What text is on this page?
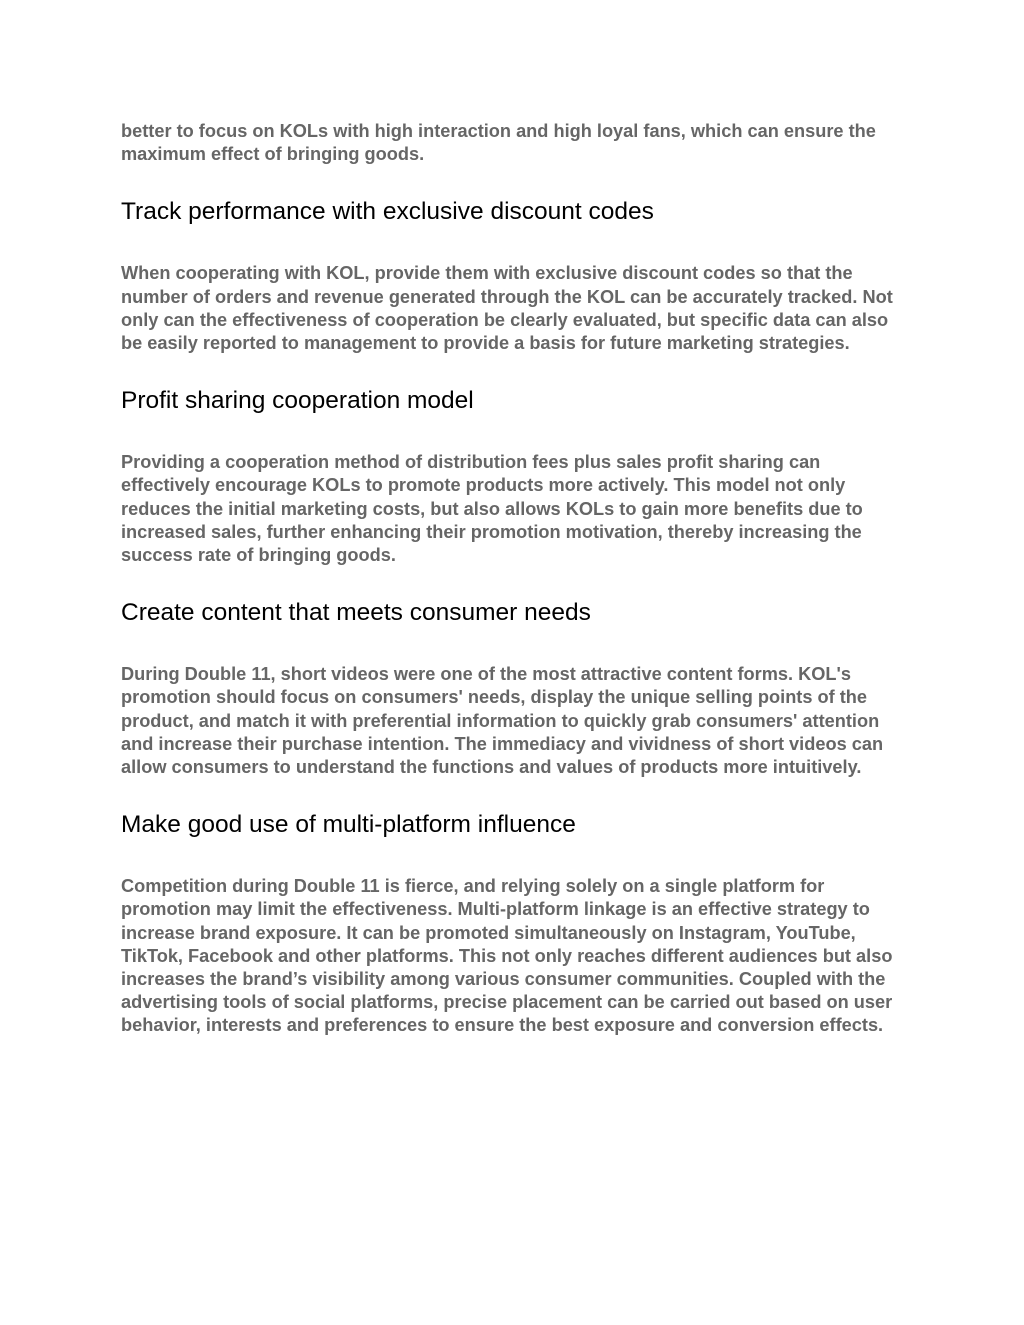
better to focus on KOLs with high interaction and high loyal fans, which can ensure the maximum effect of bringing goods.

Track performance with exclusive discount codes

When cooperating with KOL, provide them with exclusive discount codes so that the number of orders and revenue generated through the KOL can be accurately tracked. Not only can the effectiveness of cooperation be clearly evaluated, but specific data can also be easily reported to management to provide a basis for future marketing strategies.

Profit sharing cooperation model

Providing a cooperation method of distribution fees plus sales profit sharing can effectively encourage KOLs to promote products more actively. This model not only reduces the initial marketing costs, but also allows KOLs to gain more benefits due to increased sales, further enhancing their promotion motivation, thereby increasing the success rate of bringing goods.

Create content that meets consumer needs

During Double 11, short videos were one of the most attractive content forms. KOL's promotion should focus on consumers' needs, display the unique selling points of the product, and match it with preferential information to quickly grab consumers' attention and increase their purchase intention. The immediacy and vividness of short videos can allow consumers to understand the functions and values of products more intuitively.

Make good use of multi-platform influence

Competition during Double 11 is fierce, and relying solely on a single platform for promotion may limit the effectiveness. Multi-platform linkage is an effective strategy to increase brand exposure. It can be promoted simultaneously on Instagram, YouTube, TikTok, Facebook and other platforms. This not only reaches different audiences but also increases the brand’s visibility among various consumer communities. Coupled with the advertising tools of social platforms, precise placement can be carried out based on user behavior, interests and preferences to ensure the best exposure and conversion effects.
